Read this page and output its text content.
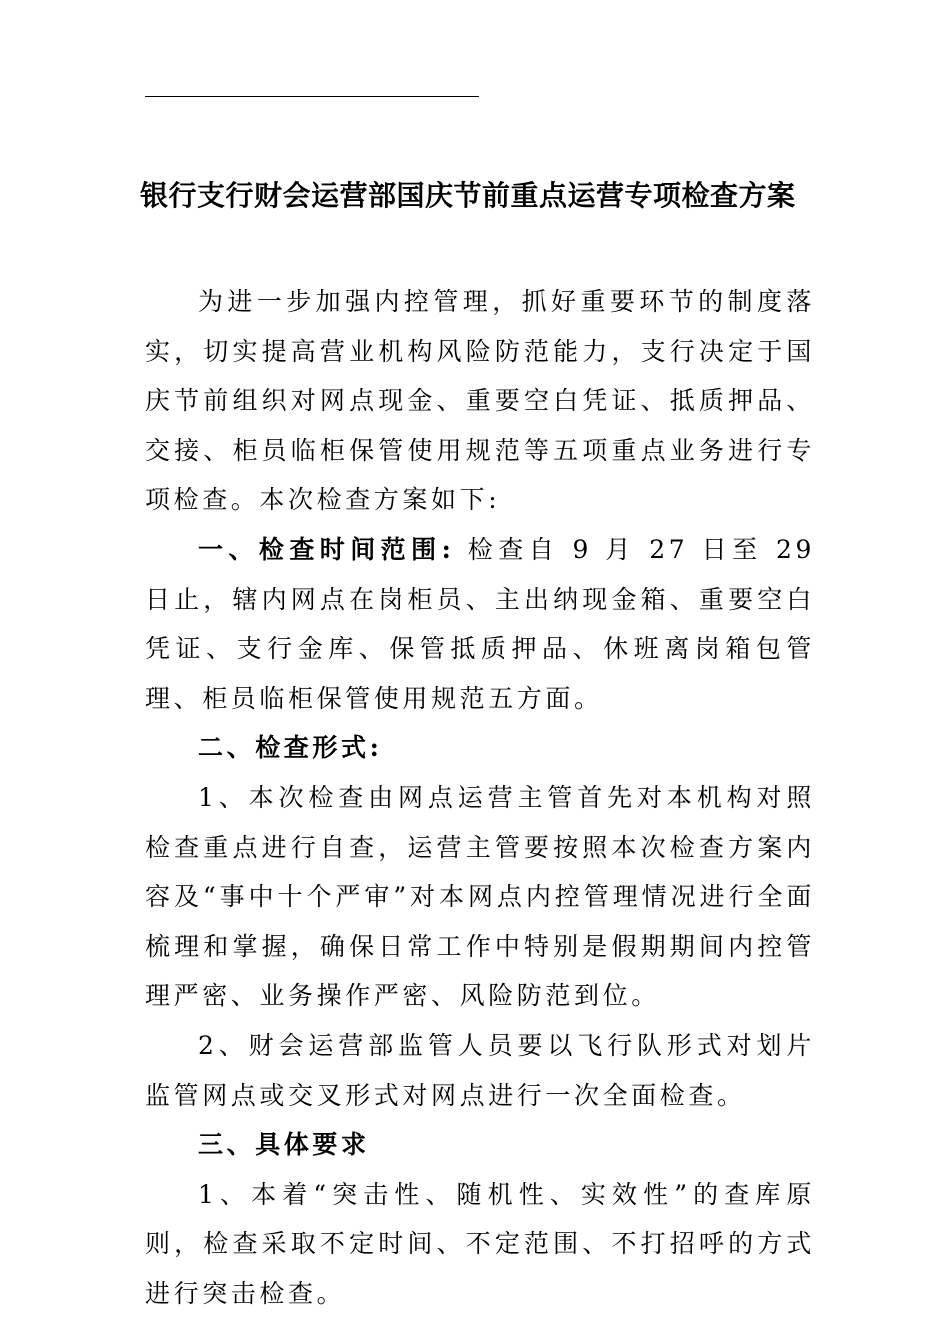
银行支行财会运营部国庆节前重点运营专项检查方案

为进一步加强内控管理，抓好重要环节的制度落实，切实提高营业机构风险防范能力，支行决定于国庆节前组织对网点现金、重要空白凭证、抵质押品、交接、柜员临柜保管使用规范等五项重点业务进行专项检查。本次检查方案如下:

一、检查时间范围: 检查自 9 月 27 日至 29 日止，辖内网点在岗柜员、主出纳现金箱、重要空白凭证、支行金库、保管抵质押品、休班离岗箱包管理、柜员临柜保管使用规范五方面。

二、检查形式:

1、本次检查由网点运营主管首先对本机构对照检查重点进行自查，运营主管要按照本次检查方案内容及“事中十个严审”对本网点内控管理情况进行全面梳理和掌握，确保日常工作中特别是假期期间内控管理严密、业务操作严密、风险防范到位。

2、财会运营部监管人员要以飞行队形式对划片监管网点或交叉形式对网点进行一次全面检查。

三、具体要求

1、本着“突击性、随机性、实效性”的查库原则，检查采取不定时间、不定范围、不打招呼的方式进行突击检查。
